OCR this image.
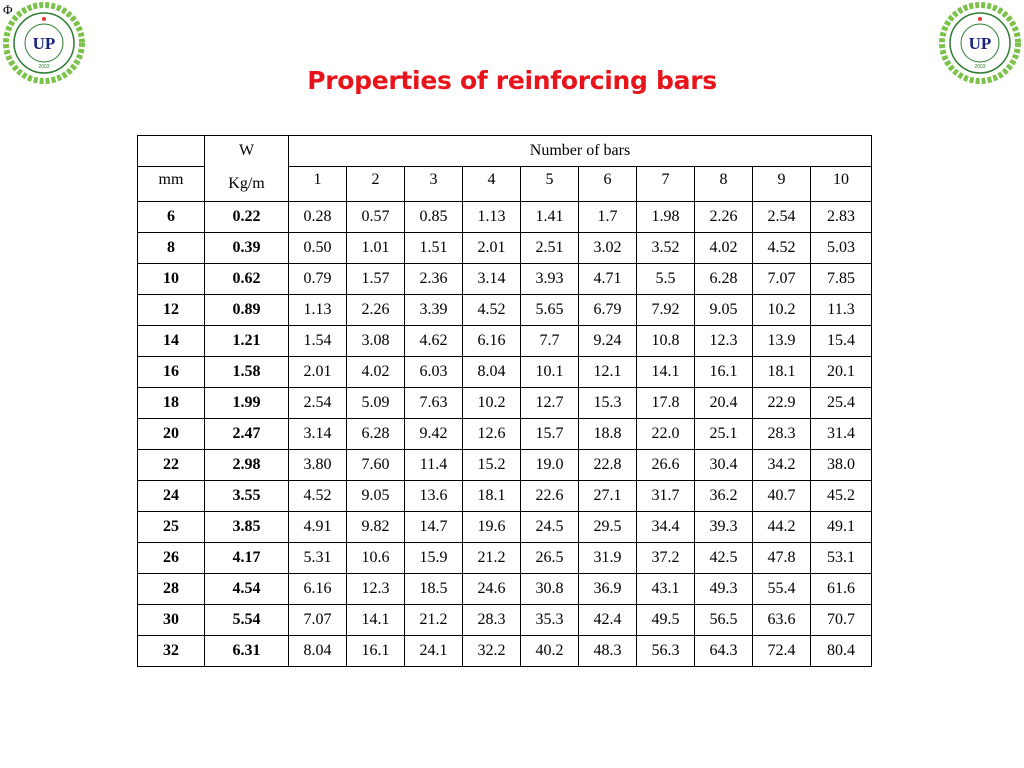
Φ
UP
2003
UP
2003
Properties of reinforcing bars
	W	Number of bars									
mm	Kg/m	1	2	3	4	5	6	7	8	9	10
6	0.22	0.28	0.57	0.85	1.13	1.41	1.7	1.98	2.26	2.54	2.83
8	0.39	0.50	1.01	1.51	2.01	2.51	3.02	3.52	4.02	4.52	5.03
10	0.62	0.79	1.57	2.36	3.14	3.93	4.71	5.5	6.28	7.07	7.85
12	0.89	1.13	2.26	3.39	4.52	5.65	6.79	7.92	9.05	10.2	11.3
14	1.21	1.54	3.08	4.62	6.16	7.7	9.24	10.8	12.3	13.9	15.4
16	1.58	2.01	4.02	6.03	8.04	10.1	12.1	14.1	16.1	18.1	20.1
18	1.99	2.54	5.09	7.63	10.2	12.7	15.3	17.8	20.4	22.9	25.4
20	2.47	3.14	6.28	9.42	12.6	15.7	18.8	22.0	25.1	28.3	31.4
22	2.98	3.80	7.60	11.4	15.2	19.0	22.8	26.6	30.4	34.2	38.0
24	3.55	4.52	9.05	13.6	18.1	22.6	27.1	31.7	36.2	40.7	45.2
25	3.85	4.91	9.82	14.7	19.6	24.5	29.5	34.4	39.3	44.2	49.1
26	4.17	5.31	10.6	15.9	21.2	26.5	31.9	37.2	42.5	47.8	53.1
28	4.54	6.16	12.3	18.5	24.6	30.8	36.9	43.1	49.3	55.4	61.6
30	5.54	7.07	14.1	21.2	28.3	35.3	42.4	49.5	56.5	63.6	70.7
32	6.31	8.04	16.1	24.1	32.2	40.2	48.3	56.3	64.3	72.4	80.4
